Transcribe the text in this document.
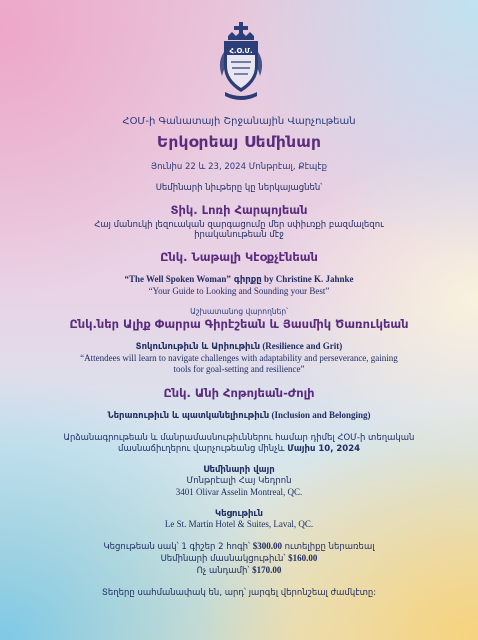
Հ.Օ.Մ.

ՀՕՄ-ի Գանատայի Շրջանային Վարչութեան

Երկօրեայ Սեմինար

Յունիս 22 և 23, 2024 Մոնթրէալ, Քէպէք

Սեմինարի նիւթերը կը ներկայացնեն՝

Տիկ. Լոռի Հարպոյեան

Հայ մանուկի լեզուական զարգացումը մեր սփիւռքի բազմալեզու

իրականութեան մէջ

Ընկ. Նաթալի Կէօքչէնեան

“The Well Spoken Woman” գիրքը by Christine K. Jahnke

“Your Guide to Looking and Sounding your Best”

Աշխատանոց վարողներ՝

Ընկ.ներ Ալիք Փարրա Գիրէշեան և Յասմիկ Ծառուկեան

Տոկունութիւն և Արիութիւն (Resilience and Grit)

“Attendees will learn to navigate challenges with adaptability and perseverance, gaining

tools for goal-setting and resilience”

Ընկ. Անի Հոթոյեան-Ժոլի

Ներառութիւն և պատկանելիութիւն (Inclusion and Belonging)

Արձանագրութեան և մանրամասնութիւններու համար դիմել ՀՕՄ-ի տեղական

մասնաճիւղերու վարչութեանց մինչև Մայիս 10, 2024

Սեմինարի վայր

Մոնթրէալի Հայ Կեդրոն

3401 Olivar Asselin Montreal, QC.

Կեցութիւն

Le St. Martin Hotel & Suites, Laval, QC.

Կեցութեան սակ՝ 1 գիշեր 2 հոգի՝ $300.00 ուտելիքը ներառեալ

Սեմինարի մասնակցութիւն՝ $160.00

Ոչ անդամի՝ $170.00

Տեղերը սահմանափակ են, արդ՝ յարգել վերոնշեալ ժամկէտը:
